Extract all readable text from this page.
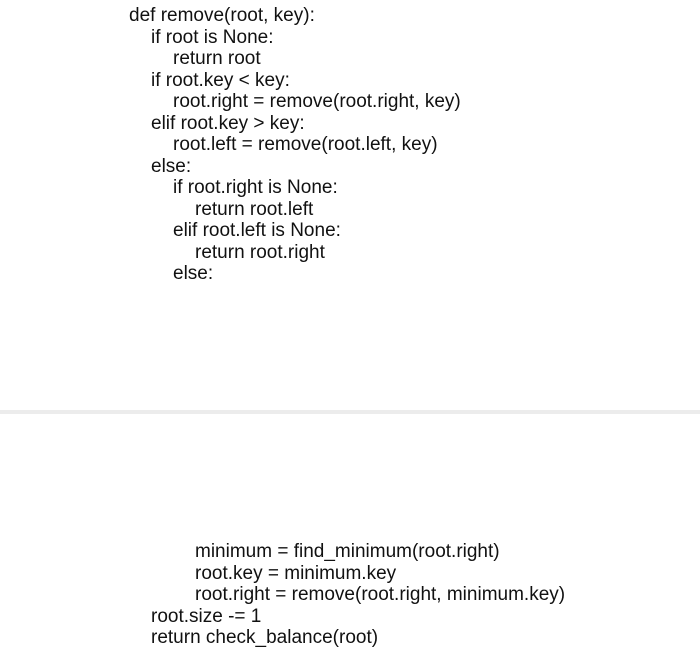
def remove(root, key):
if root is None:
return root
if root.key < key:
root.right = remove(root.right, key)
elif root.key > key:
root.left = remove(root.left, key)
else:
if root.right is None:
return root.left
elif root.left is None:
return root.right
else:
minimum = find_minimum(root.right)
root.key = minimum.key
root.right = remove(root.right, minimum.key)
root.size -= 1
return check_balance(root)
